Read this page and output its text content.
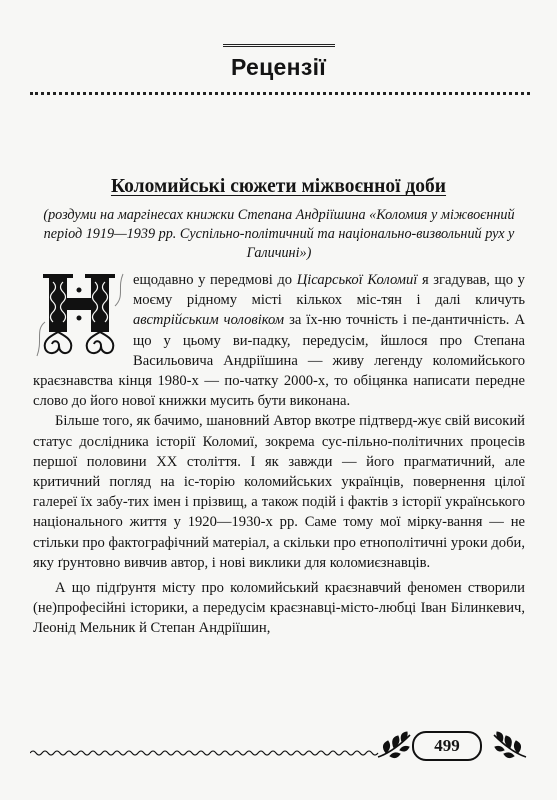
Рецензії
Коломийські сюжети міжвоєнної доби
(роздуми на маргінесах книжки Степана Андріїшина «Коломия у міжвоєнний період 1919—1939 рр. Суспільно-політичний та національно-визвольний рух у Галичині»)

ещодавно у передмові до Цісарської Коломиї я згадував, що у моєму рідному місті кількох міс-тян і далі кличуть австрійським чоловіком за їх-ню точність і пе-дантичність. А що у цьому ви-падку, передусім, йшлося про Степана Васильовича Андріїшина — живу легенду коломийського краєзнавства кінця 1980-х — по-чатку 2000-х, то обіцянка написати передне слово до його нової книжки мусить бути виконана.

Більше того, як бачимо, шановний Автор вкотре підтверд-жує свій високий статус дослідника історії Коломиї, зокрема сус-пільно-політичних процесів першої половини XX століття. І як завжди — його прагматичний, але критичний погляд на іс-торію коломийських українців, повернення цілої галереї їх забу-тих імен і прізвищ, а також подій і фактів з історії українського національного життя у 1920—1930-х рр. Саме тому мої мірку-вання — не стільки про фактографічний матеріал, а скільки про етнополітичні уроки доби, яку ґрунтовно вивчив автор, і нові виклики для коломиєзнавців.

А що підґрунтя місту про коломийський краєзнавчий феномен створили (не)професійні історики, а передусім краєзнавці-місто-любці Іван Білинкевич, Леонід Мельник й Степан Андріїшин,

499
